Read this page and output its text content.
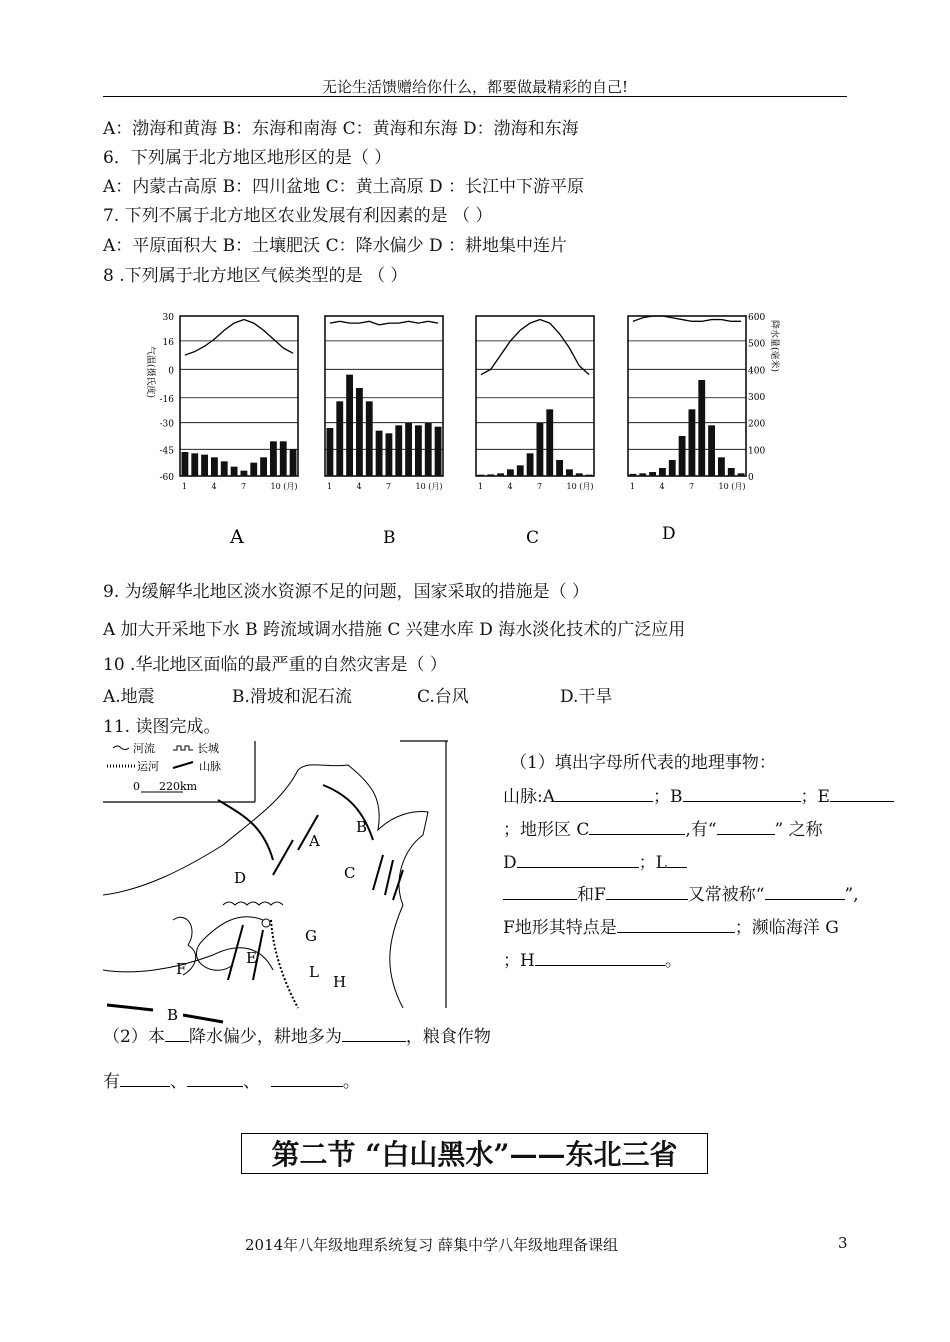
无论生活馈赠给你什么，都要做最精彩的自己!
A：渤海和黄海 B：东海和南海 C：黄海和东海 D：渤海和东海
6．下列属于北方地区地形区的是（ ）
A：内蒙古高原 B：四川盆地 C：黄土高原 D ：长江中下游平原
7. 下列不属于北方地区农业发展有利因素的是 （ ）
A：平原面积大 B：土壤肥沃 C：降水偏少 D ：耕地集中连片
8 .下列属于北方地区气候类型的是 （ ）
30
16
0
-16
-30
-45
-60
气温(摄氏度)
600
500
400
300
200
100
0
降水量(毫米)
1	4	7	10 (月)
A
1	4	7	10 (月)
B
1	4	7	10 (月)
C
1	4	7	10 (月)
D
9. 为缓解华北地区淡水资源不足的问题，国家采取的措施是（ ）
A 加大开采地下水 B 跨流域调水措施 C 兴建水库 D 海水淡化技术的广泛应用
10 .华北地区面临的最严重的自然灾害是（ ）
A.地震	B.滑坡和泥石流	C.台风	D.干旱
11. 读图完成。
河流	长城
运河	山脉
0 220km
A
B
C
D
E
F
G
L
H
B
（1）填出字母所代表的地理事物：
山脉:A	；B	；E
；地形区 C	,有“	” 之称
D	；L
和F	又常被称“	”,
F地形其特点是	；濒临海洋 G
；H	。
（2）本 降水偏少，耕地多为	，粮食作物
有	、	、	。
第二节 “白山黑水”——东北三省
2014年八年级地理系统复习 薛集中学八年级地理备课组	3
